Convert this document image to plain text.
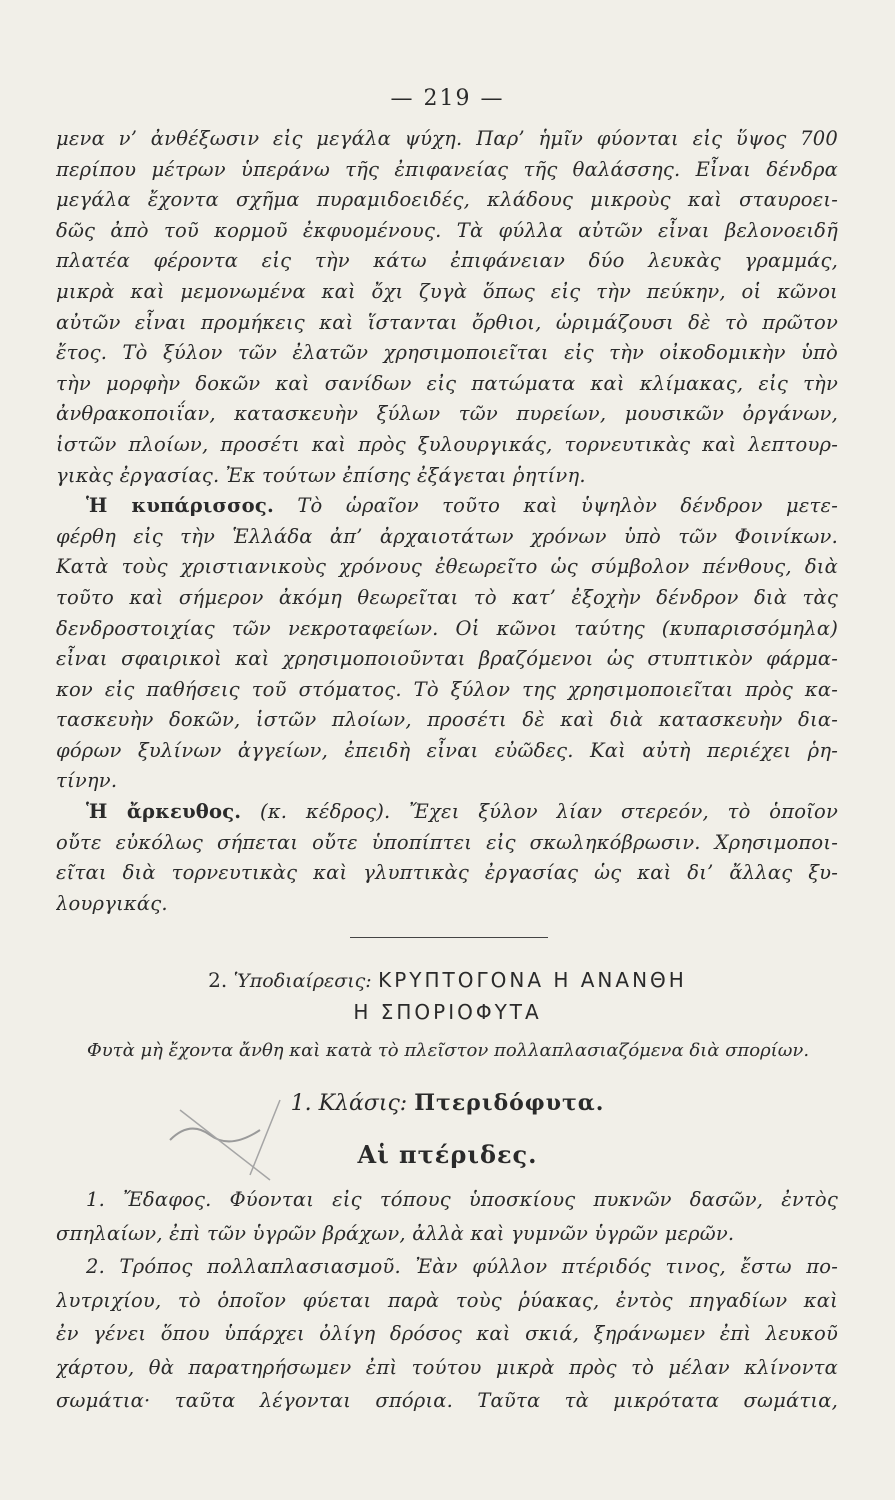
— 219 —
μενα ν’ ἀνθέξωσιν εἰς μεγάλα ψύχη. Παρ’ ἡμῖν φύονται εἰς ὕψος 700
περίπου μέτρων ὑπεράνω τῆς ἐπιφανείας τῆς θαλάσσης. Εἶναι δένδρα
μεγάλα ἔχοντα σχῆμα πυραμιδοειδές, κλάδους μικροὺς καὶ σταυροει-
δῶς ἀπὸ τοῦ κορμοῦ ἐκφυομένους. Τὰ φύλλα αὐτῶν εἶναι βελονοειδῆ
πλατέα φέροντα εἰς τὴν κάτω ἐπιφάνειαν δύο λευκὰς γραμμάς,
μικρὰ καὶ μεμονωμένα καὶ ὄχι ζυγὰ ὅπως εἰς τὴν πεύκην, οἱ κῶνοι
αὐτῶν εἶναι προμήκεις καὶ ἵστανται ὄρθιοι, ὡριμάζουσι δὲ τὸ πρῶτον
ἔτος. Τὸ ξύλον τῶν ἐλατῶν χρησιμοποιεῖται εἰς τὴν οἰκοδομικὴν ὑπὸ
τὴν μορφὴν δοκῶν καὶ σανίδων εἰς πατώματα καὶ κλίμακας, εἰς τὴν
ἀνθρακοποιΐαν, κατασκευὴν ξύλων τῶν πυρείων, μουσικῶν ὀργάνων,
ἱστῶν πλοίων, προσέτι καὶ πρὸς ξυλουργικάς, τορνευτικὰς καὶ λεπτουρ-
γικὰς ἐργασίας. Ἐκ τούτων ἐπίσης ἐξάγεται ῥητίνη.
Ἡ κυπάρισσος. Τὸ ὡραῖον τοῦτο καὶ ὑψηλὸν δένδρον μετε-
φέρθη εἰς τὴν Ἑλλάδα ἀπ’ ἀρχαιοτάτων χρόνων ὑπὸ τῶν Φοινίκων.
Κατὰ τοὺς χριστιανικοὺς χρόνους ἐθεωρεῖτο ὡς σύμβολον πένθους, διὰ
τοῦτο καὶ σήμερον ἀκόμη θεωρεῖται τὸ κατ’ ἐξοχὴν δένδρον διὰ τὰς
δενδροστοιχίας τῶν νεκροταφείων. Οἱ κῶνοι ταύτης (κυπαρισσόμηλα)
εἶναι σφαιρικοὶ καὶ χρησιμοποιοῦνται βραζόμενοι ὡς στυπτικὸν φάρμα-
κον εἰς παθήσεις τοῦ στόματος. Τὸ ξύλον της χρησιμοποιεῖται πρὸς κα-
τασκευὴν δοκῶν, ἱστῶν πλοίων, προσέτι δὲ καὶ διὰ κατασκευὴν δια-
φόρων ξυλίνων ἀγγείων, ἐπειδὴ εἶναι εὐῶδες. Καὶ αὐτὴ περιέχει ῥη-
τίνην.
Ἡ ἄρκευθος. (κ. κέδρος). Ἔχει ξύλον λίαν στερεόν, τὸ ὁποῖον
οὔτε εὐκόλως σήπεται οὔτε ὑποπίπτει εἰς σκωληκόβρωσιν. Χρησιμοποι-
εῖται διὰ τορνευτικὰς καὶ γλυπτικὰς ἐργασίας ὡς καὶ δι’ ἄλλας ξυ-
λουργικάς.
2. Ὑποδιαίρεσις: ΚΡΥΠΤΟΓΟΝΑ Η ΑΝΑΝΘΗ
Η ΣΠΟΡΙΟΦΥΤΑ
Φυτὰ μὴ ἔχοντα ἄνθη καὶ κατὰ τὸ πλεῖστον πολλαπλασιαζόμενα διὰ σπορίων.
1. Κλάσις: Πτεριδόφυτα.
Αἱ πτέριδες.
1. Ἔδαφος. Φύονται εἰς τόπους ὑποσκίους πυκνῶν δασῶν, ἐντὸς
σπηλαίων, ἐπὶ τῶν ὑγρῶν βράχων, ἀλλὰ καὶ γυμνῶν ὑγρῶν μερῶν.
2. Τρόπος πολλαπλασιασμοῦ. Ἐὰν φύλλον πτέριδός τινος, ἔστω πο-
λυτριχίου, τὸ ὁποῖον φύεται παρὰ τοὺς ῥύακας, ἐντὸς πηγαδίων καὶ
ἐν γένει ὅπου ὑπάρχει ὀλίγη δρόσος καὶ σκιά, ξηράνωμεν ἐπὶ λευκοῦ
χάρτου, θὰ παρατηρήσωμεν ἐπὶ τούτου μικρὰ πρὸς τὸ μέλαν κλίνοντα
σωμάτια· ταῦτα λέγονται σπόρια. Ταῦτα τὰ μικρότατα σωμάτια,
